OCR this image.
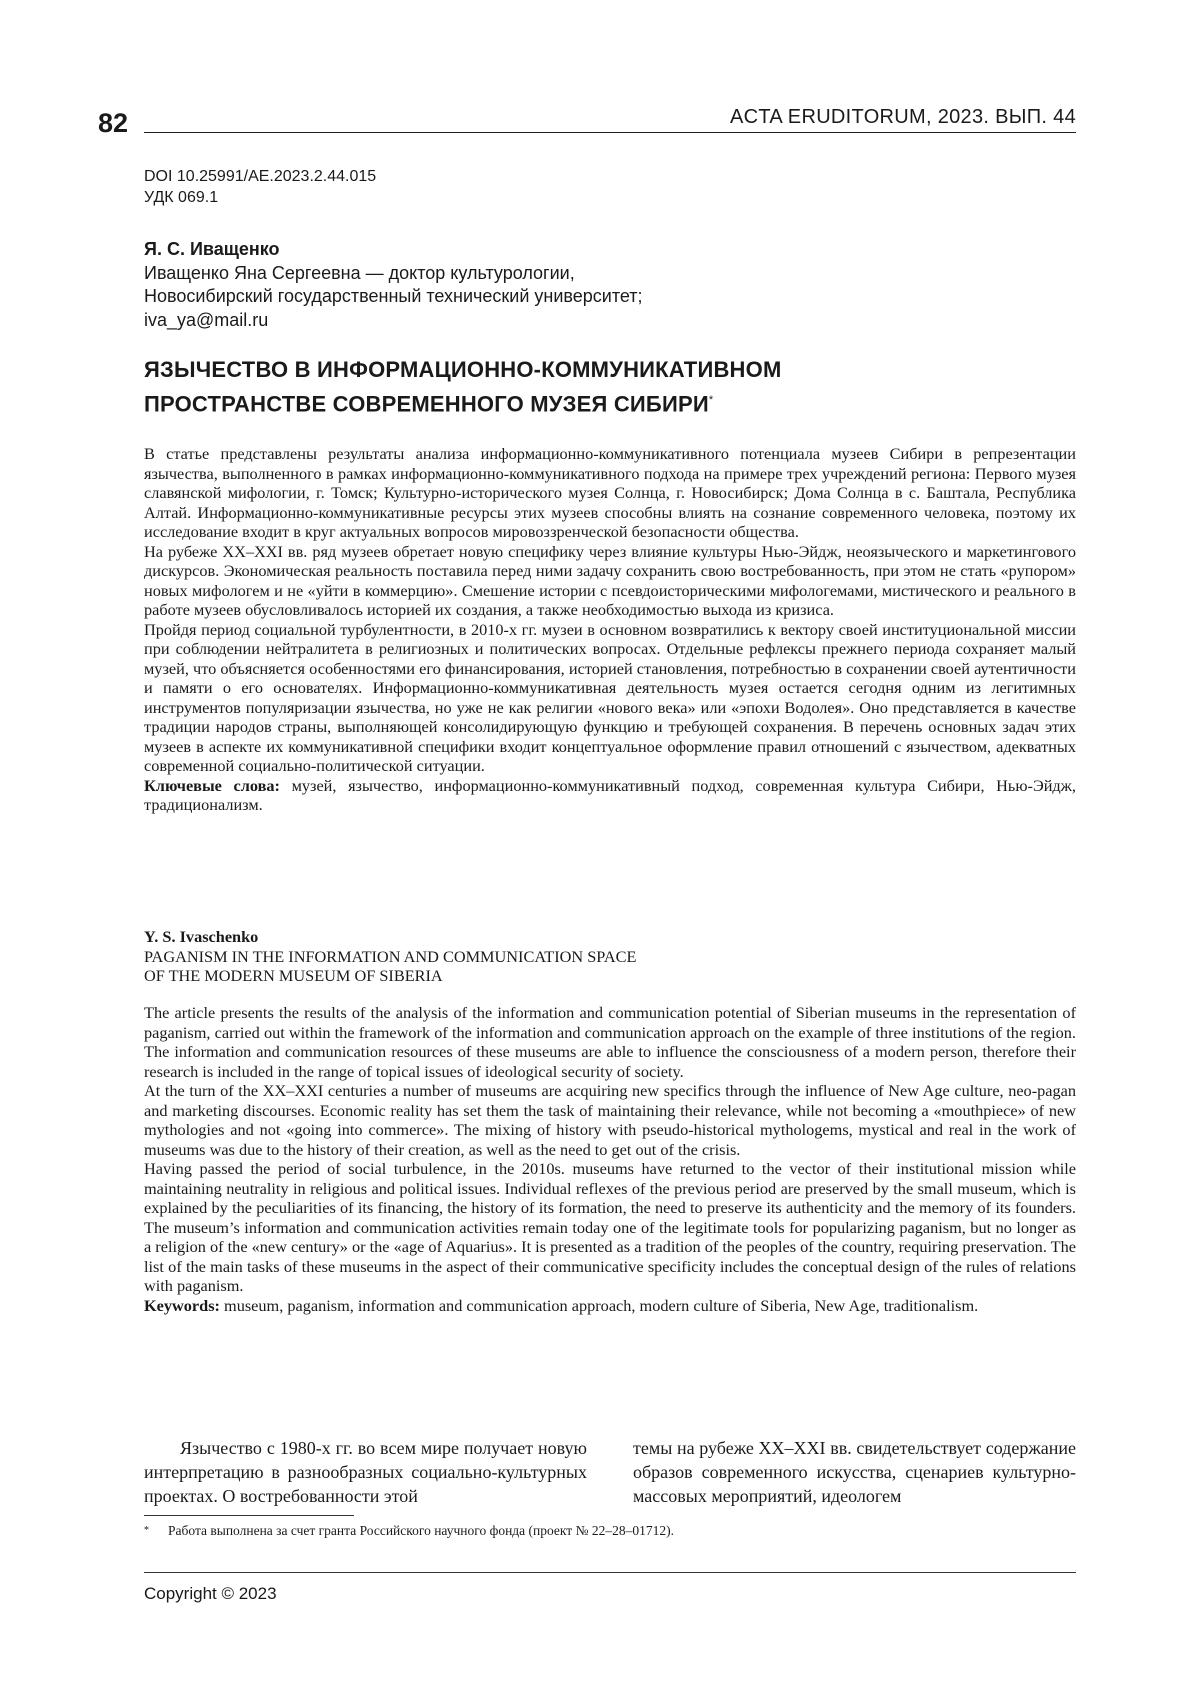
82	ACTA ERUDITORUM, 2023. ВЫП. 44
DOI 10.25991/AE.2023.2.44.015
УДК 069.1
Я. С. Иващенко
Иващенко Яна Сергеевна — доктор культурологии,
Новосибирский государственный технический университет;
iva_ya@mail.ru
ЯЗЫЧЕСТВО В ИНФОРМАЦИОННО-КОММУНИКАТИВНОМ
ПРОСТРАНСТВЕ СОВРЕМЕННОГО МУЗЕЯ СИБИРИ*

В статье представлены результаты анализа информационно-коммуникативного потенциала музеев Сибири в репрезентации язычества, выполненного в рамках информационно-коммуникативного подхода на примере трех учреждений региона: Первого музея славянской мифологии, г. Томск; Культурно-исторического музея Солнца, г. Новосибирск; Дома Солнца в с. Баштала, Республика Алтай. Информационно-коммуникативные ресурсы этих музеев способны влиять на сознание современного человека, поэтому их исследование входит в круг актуальных вопросов мировоззренческой безопасности общества.

На рубеже XX–XXI вв. ряд музеев обретает новую специфику через влияние культуры Нью-Эйдж, неоязыческого и маркетингового дискурсов. Экономическая реальность поставила перед ними задачу сохранить свою востребованность, при этом не стать «рупором» новых мифологем и не «уйти в коммерцию». Смешение истории с псевдоисторическими мифологемами, мистического и реального в работе музеев обусловливалось историей их создания, а также необходимостью выхода из кризиса.

Пройдя период социальной турбулентности, в 2010-х гг. музеи в основном возвратились к вектору своей институциональной миссии при соблюдении нейтралитета в религиозных и политических вопросах. Отдельные рефлексы прежнего периода сохраняет малый музей, что объясняется особенностями его финансирования, историей становления, потребностью в сохранении своей аутентичности и памяти о его основателях. Информационно-коммуникативная деятельность музея остается сегодня одним из легитимных инструментов популяризации язычества, но уже не как религии «нового века» или «эпохи Водолея». Оно представляется в качестве традиции народов страны, выполняющей консолидирующую функцию и требующей сохранения. В перечень основных задач этих музеев в аспекте их коммуникативной специфики входит концептуальное оформление правил отношений с язычеством, адекватных современной социально-политической ситуации.

Ключевые слова: музей, язычество, информационно-коммуникативный подход, современная культура Сибири, Нью-Эйдж, традиционализм.

Y. S. Ivaschenko
PAGANISM IN THE INFORMATION AND COMMUNICATION SPACE
OF THE MODERN MUSEUM OF SIBERIA

The article presents the results of the analysis of the information and communication potential of Siberian museums in the representation of paganism, carried out within the framework of the information and communication approach on the example of three institutions of the region. The information and communication resources of these museums are able to influence the consciousness of a modern person, therefore their research is included in the range of topical issues of ideological security of society.

At the turn of the XX–XXI centuries a number of museums are acquiring new specifics through the influence of New Age culture, neo-pagan and marketing discourses. Economic reality has set them the task of maintaining their relevance, while not becoming a «mouthpiece» of new mythologies and not «going into commerce». The mixing of history with pseudo-historical mythologems, mystical and real in the work of museums was due to the history of their creation, as well as the need to get out of the crisis.

Having passed the period of social turbulence, in the 2010s. museums have returned to the vector of their institutional mission while maintaining neutrality in religious and political issues. Individual reflexes of the previous period are preserved by the small museum, which is explained by the peculiarities of its financing, the history of its formation, the need to preserve its authenticity and the memory of its founders. The museum’s information and communication activities remain today one of the legitimate tools for popularizing paganism, but no longer as a religion of the «new century» or the «age of Aquarius». It is presented as a tradition of the peoples of the country, requiring preservation. The list of the main tasks of these museums in the aspect of their communicative specificity includes the conceptual design of the rules of relations with paganism.

Keywords: museum, paganism, information and communication approach, modern culture of Siberia, New Age, traditionalism.

Язычество с 1980-х гг. во всем мире получает новую интерпретацию в разнообразных социально-культурных проектах. О востребованности этой
темы на рубеже XX–XXI вв. свидетельствует содержание образов современного искусства, сценариев культурно-массовых мероприятий, идеологем
* Работа выполнена за счет гранта Российского научного фонда (проект № 22–28–01712).
Copyright © 2023
